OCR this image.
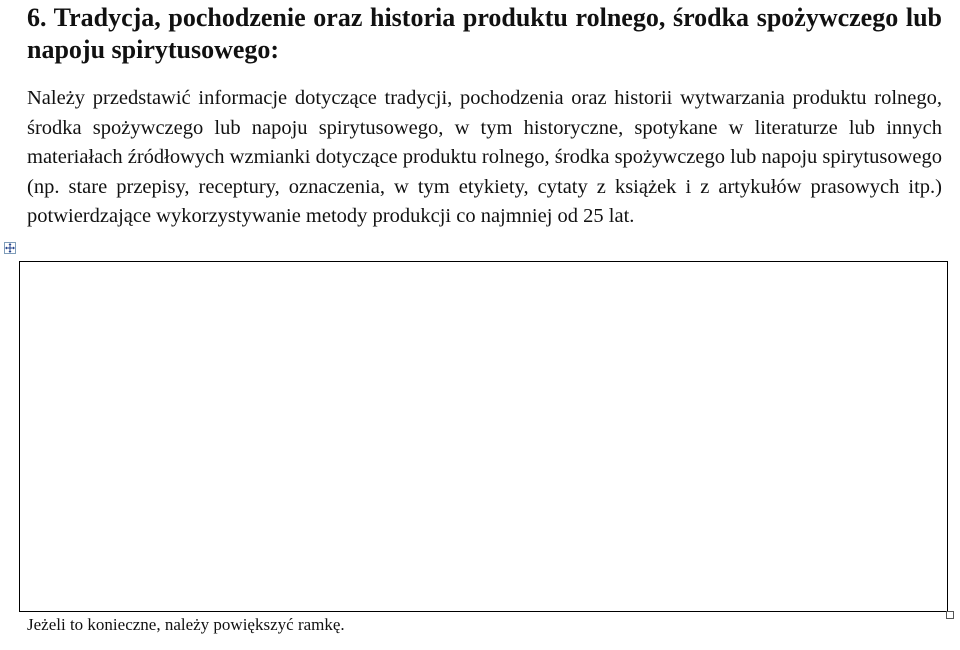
6. Tradycja, pochodzenie oraz historia produktu rolnego, środka spożywczego lub napoju spirytusowego:

Należy przedstawić informacje dotyczące tradycji, pochodzenia oraz historii wytwarzania produktu rolnego, środka spożywczego lub napoju spirytusowego, w tym historyczne, spotykane w literaturze lub innych materiałach źródłowych wzmianki dotyczące produktu rolnego, środka spożywczego lub napoju spirytusowego (np. stare przepisy, receptury, oznaczenia, w tym etykiety, cytaty z książek i z artykułów prasowych itp.) potwierdzające wykorzystywanie metody produkcji co najmniej od 25 lat.

Jeżeli to konieczne, należy powiększyć ramkę.
